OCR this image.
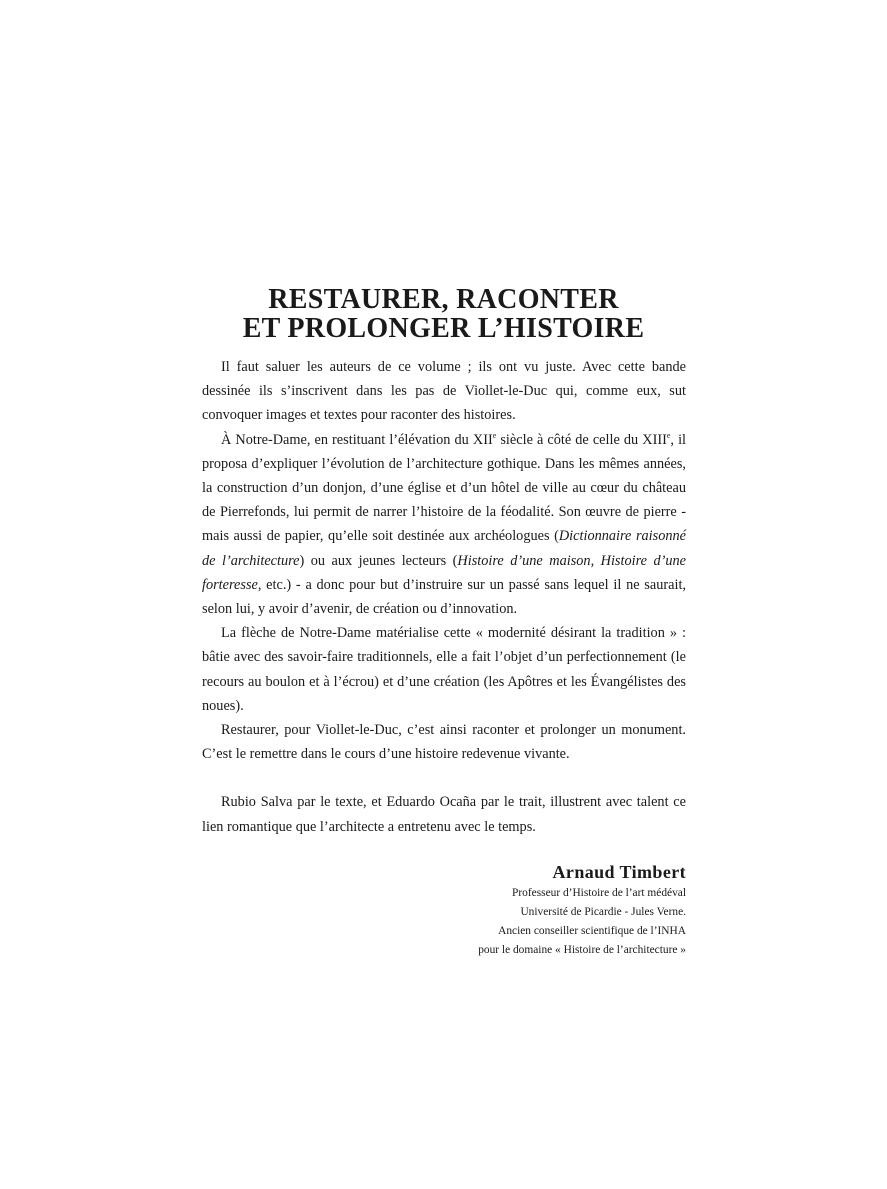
RESTAURER, RACONTER
ET PROLONGER L’HISTOIRE

Il faut saluer les auteurs de ce volume ; ils ont vu juste. Avec cette bande dessinée ils s’inscrivent dans les pas de Viollet-le-Duc qui, comme eux, sut convoquer images et textes pour raconter des histoires.

À Notre-Dame, en restituant l’élévation du XIIe siècle à côté de celle du XIIIe, il proposa d’expliquer l’évolution de l’architecture gothique. Dans les mêmes années, la construction d’un donjon, d’une église et d’un hôtel de ville au cœur du château de Pierrefonds, lui permit de narrer l’histoire de la féodalité. Son œuvre de pierre - mais aussi de papier, qu’elle soit destinée aux archéologues (Dictionnaire raisonné de l’architecture) ou aux jeunes lecteurs (Histoire d’une maison, Histoire d’une forteresse, etc.) - a donc pour but d’instruire sur un passé sans lequel il ne saurait, selon lui, y avoir d’avenir, de création ou d’innovation.

La flèche de Notre-Dame matérialise cette « modernité désirant la tradition » : bâtie avec des savoir-faire traditionnels, elle a fait l’objet d’un perfectionnement (le recours au boulon et à l’écrou) et d’une création (les Apôtres et les Évangélistes des noues).

Restaurer, pour Viollet-le-Duc, c’est ainsi raconter et prolonger un monument. C’est le remettre dans le cours d’une histoire redevenue vivante.

Rubio Salva par le texte, et Eduardo Ocaña par le trait, illustrent avec talent ce lien romantique que l’architecte a entretenu avec le temps.

Arnaud Timbert
Professeur d’Histoire de l’art médéval
Université de Picardie - Jules Verne.
Ancien conseiller scientifique de l’INHA
pour le domaine « Histoire de l’architecture »
